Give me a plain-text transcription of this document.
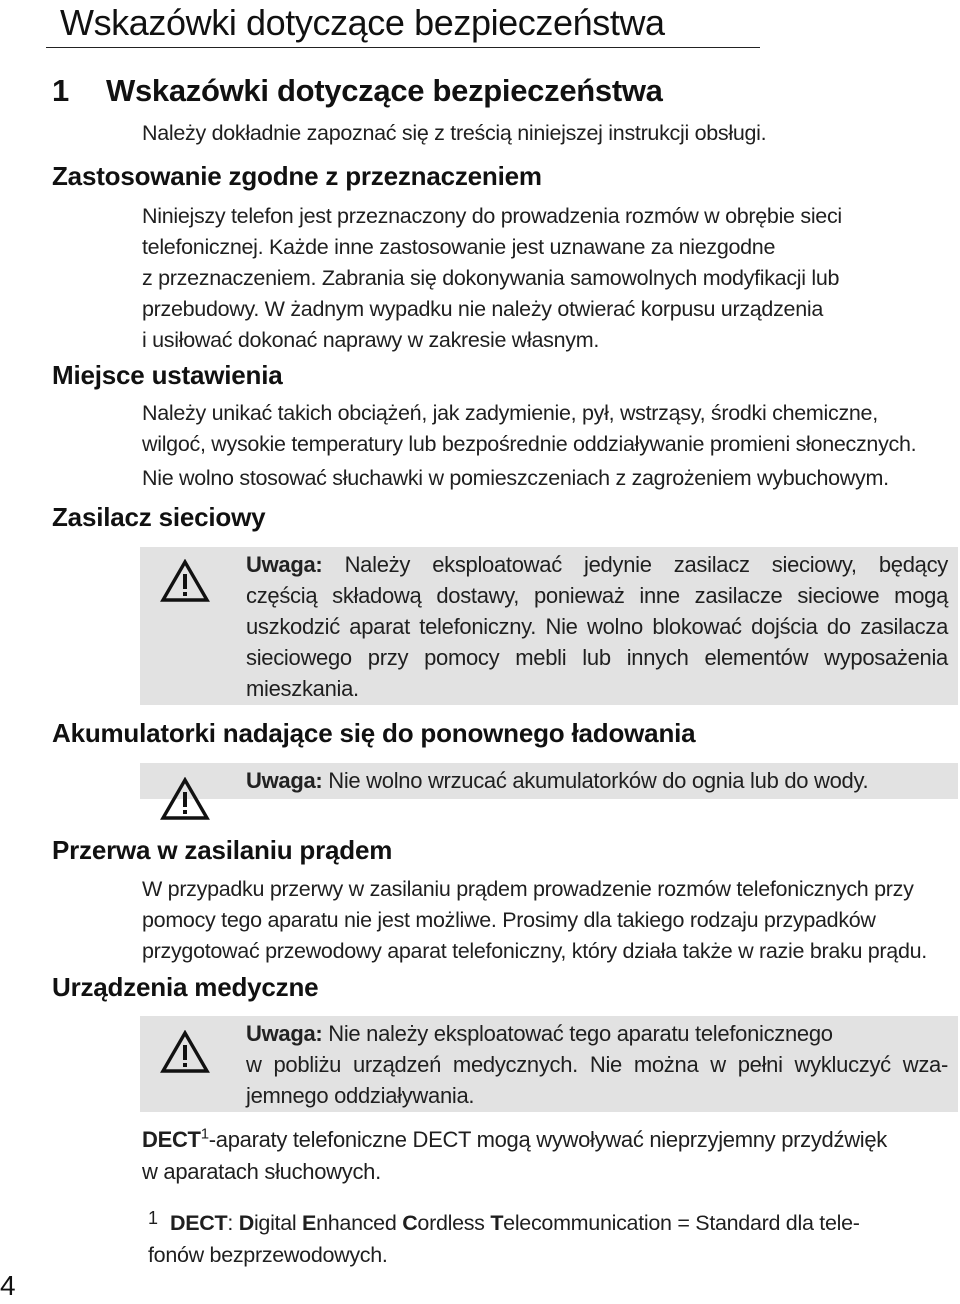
Wskazówki dotyczące bezpieczeństwa
1 Wskazówki dotyczące bezpieczeństwa

Należy dokładnie zapoznać się z treścią niniejszej instrukcji obsługi.

Zastosowanie zgodne z przeznaczeniem
Niniejszy telefon jest przeznaczony do prowadzenia rozmów w obrębie sieci
telefonicznej. Każde inne zastosowanie jest uznawane za niezgodne
z przeznaczeniem. Zabrania się dokonywania samowolnych modyfikacji lub
przebudowy. W żadnym wypadku nie należy otwierać korpusu urządzenia
i usiłować dokonać naprawy w zakresie własnym.
Miejsce ustawienia
Należy unikać takich obciążeń, jak zadymienie, pył, wstrząsy, środki chemiczne,
wilgoć, wysokie temperatury lub bezpośrednie oddziaływanie promieni słonecznych.

Nie wolno stosować słuchawki w pomieszczeniach z zagrożeniem wybuchowym.

Zasilacz sieciowy
Uwaga: Należy eksploatować jedynie zasilacz sieciowy, będący
częścią składową dostawy, ponieważ inne zasilacze sieciowe mogą
uszkodzić aparat telefoniczny. Nie wolno blokować dojścia do zasilacza
sieciowego przy pomocy mebli lub innych elementów wyposażenia
mieszkania.
Akumulatorki nadające się do ponownego ładowania
Uwaga: Nie wolno wrzucać akumulatorków do ognia lub do wody.
Przerwa w zasilaniu prądem
W przypadku przerwy w zasilaniu prądem prowadzenie rozmów telefonicznych przy
pomocy tego aparatu nie jest możliwe. Prosimy dla takiego rodzaju przypadków
przygotować przewodowy aparat telefoniczny, który działa także w razie braku prądu.
Urządzenia medyczne
Uwaga: Nie należy eksploatować tego aparatu telefonicznego
w pobliżu urządzeń medycznych. Nie można w pełni wykluczyć wza-
jemnego oddziaływania.
DECT$^1$-aparaty telefoniczne DECT mogą wywoływać nieprzyjemny przydźwięk
w aparatach słuchowych.
1 DECT: Digital Enhanced Cordless Telecommunication = Standard dla tele-
fonów bezprzewodowych.
4
